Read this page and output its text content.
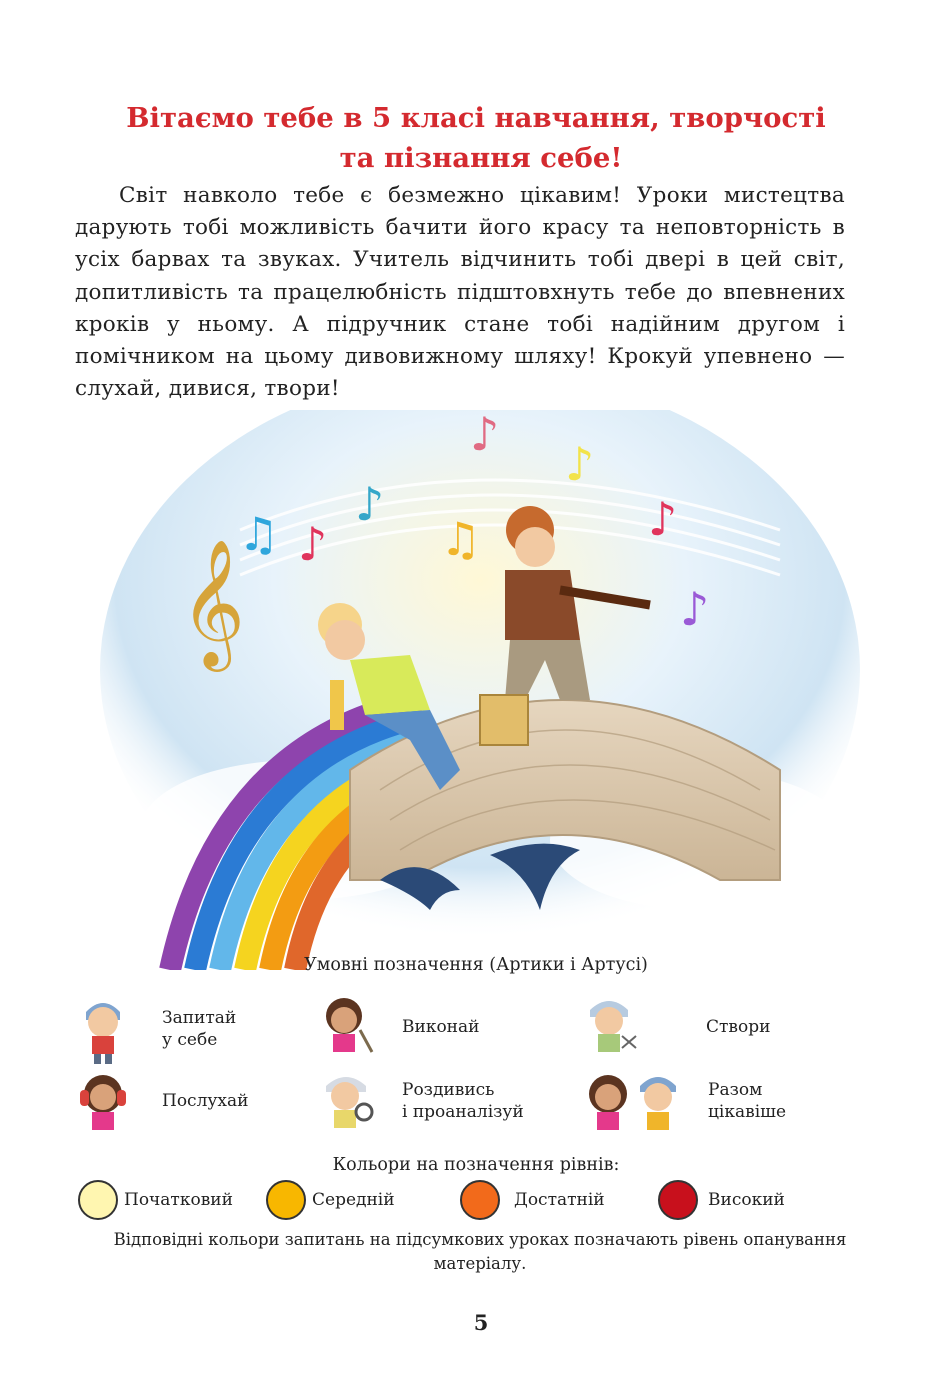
Вітаємо тебе в 5 класі навчання, творчості

та пізнання себе!

Світ навколо тебе є безмежно цікавим! Уроки мистецтва дарують тобі можливість бачити його красу та неповторність в усіх барвах та звуках. Учитель відчинить тобі двері в цей світ, допитливість та працелюбність підштовхнуть тебе до впевнених кроків у ньому. А підручник стане тобі надійним другом і помічником на цьому дивовижному шляху! Крокуй упевнено — слухай, дивися, твори!

𝄞
♫ ♪
♪
♫
♪
♪
♪
♪
Умовні позначення (Артики і Артусі)
Запитай
у себе
Виконай	Створи
Послухай
Роздивись
і проаналізуй
Разом
цікавіше
Кольори на позначення рівнів:
Початковий	Середній	Достатній	Високий
Відповідні кольори запитань на підсумкових уроках позначають рівень опанування матеріалу.
5
